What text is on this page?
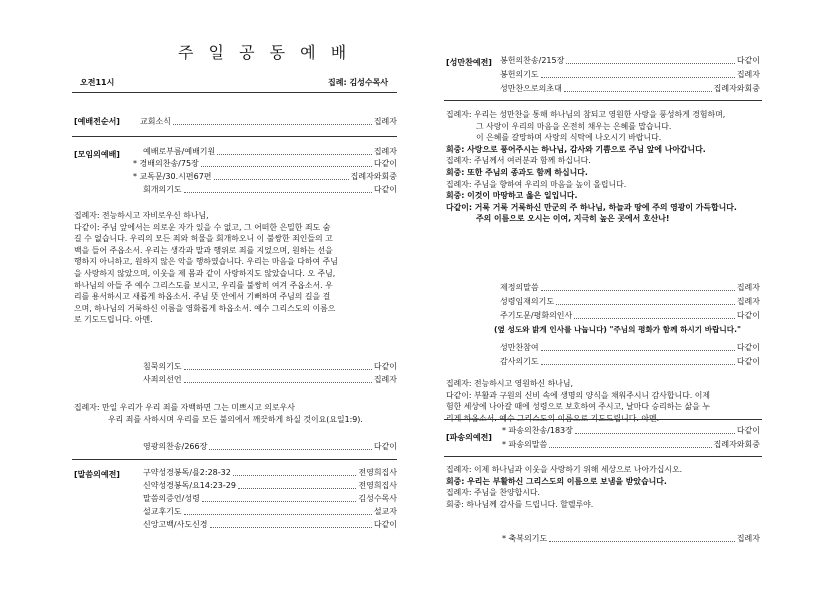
주 일 공 동 예 배
오전11시	집례: 김성수목사
[예배전순서]	교회소식	집례자
[모임의예배]	예배로부름/예배기원	집례자
* 경배의찬송/75장	다같이
* 교독문/30.시편67편	집례자와회중
회개의기도	다같이
집례자: 전능하시고 자비로우신 하나님,
다같이: 주님 앞에서는 의로운 자가 있을 수 없고, 그 어떠한 은밀한 죄도 숨
길 수 없습니다. 우리의 모든 죄와 허물을 회개하오니 이 불쌍한 죄인들의 고
백을 들어 주옵소서. 우리는 생각과 말과 행위로 죄를 지었으며, 원하는 선을
행하지 아니하고, 원하지 않은 악을 행하였습니다. 우리는 마음을 다하여 주님
을 사랑하지 않았으며, 이웃을 제 몸과 같이 사랑하지도 않았습니다. 오 주님,
하나님의 아들 주 예수 그리스도를 보시고, 우리를 불쌍히 여겨 주옵소서. 우
리를 용서하시고 새롭게 하옵소서. 주님 뜻 안에서 기뻐하며 주님의 길을 걸
으며, 하나님의 거룩하신 이름을 영화롭게 하옵소서. 예수 그리스도의 이름으
로 기도드립니다. 아멘.
침묵의기도	다같이
사죄의선언	집례자
집례자: 만일 우리가 우리 죄를 자백하면 그는 미쁘시고 의로우사
우리 죄를 사하시며 우리를 모든 불의에서 깨끗하게 하실 것이요(요일1:9).
영광의찬송/266장	다같이
[말씀의예전]	구약성경봉독/욜2:28-32	전영희집사
신약성경봉독/요14:23-29	전영희집사
말씀의증언/성령	김성수목사
설교후기도	설교자
신앙고백/사도신경	다같이
[성만찬예전] 봉헌의찬송/215장	다같이
봉헌의기도	집례자
성만찬으로의초대	집례자와회중
집례자: 우리는 성만찬을 통해 하나님의 참되고 영원한 사랑을 풍성하게 경험하며,
그 사랑이 우리의 마음을 온전히 채우는 은혜를 맙습니다.
이 은혜를 갈망하며 사랑의 식탁에 나오시기 바랍니다.
회중: 사랑으로 풍어주시는 하나님, 감사와 기쁨으로 주님 앞에 나아갑니다.
집례자: 주님께서 여러분과 함께 하십니다.
회중: 또한 주님의 종과도 함께 하십니다.
집례자: 주님을 향하여 우리의 마음을 높이 올립니다.
회중: 이것이 마땅하고 옳은 일입니다.
다같이: 거룩 거룩 거룩하신 만군의 주 하나님, 하늘과 땅에 주의 영광이 가득합니다.
주의 이름으로 오시는 이여, 지극히 높은 곳에서 호산나!
제정의말씀	집례자
성령임재의기도	집례자
주기도문/평화의인사	다같이
(옆 성도와 밝게 인사를 나눕니다) "주님의 평화가 함께 하시기 바랍니다."
성만찬참여	다같이
감사의기도	다같이
집례자: 전능하시고 영원하신 하나님,
다같이: 부활과 구원의 신비 속에 생명의 양식을 채워주시니 감사합니다. 이제
험한 세상에 나아갈 때에 성령으로 보호하여 주시고, 날마다 승리하는 삶을 누
리게 하옵소서. 예수 그리스도의 이름으로 기도드립니다. 아멘.
[파송의예전]
* 파송의찬송/183장	다같이
* 파송의말씀	집례자와회중
집례자: 이제 하나님과 이웃을 사랑하기 위해 세상으로 나아가십시오.
회중: 우리는 부활하신 그리스도의 이름으로 보냄을 받았습니다.
집례자: 주님을 찬양합시다.
회중: 하나님께 감사를 드립니다. 할렐루야.
* 축복의기도	집례자
